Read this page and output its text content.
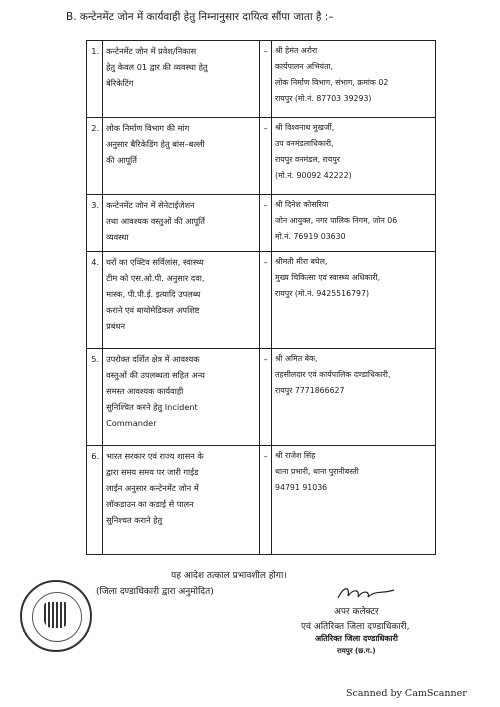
B. कन्टेनमेंट जोन में कार्यवाही हेतु निम्नानुसार दायित्व सौंपा जाता है :–
1.	कन्टेनमेंट जोन में प्रवेश/निकास
हेतु केवल 01 द्वार की व्यवस्था हेतु
बेरिकेटिंग	–	श्री हेमंत अरोरा
कार्यपालन अभियंता,
लोक निर्माण विभाग, संभाग, क्रमांक 02
रायपुर (मो.नं. 87703 39293)

2.	लोक निर्माण विभाग की मांग
अनुसार बैरिकेडिंग हेतु बांस–बल्ली
की आपूर्ति	–	श्री विश्वनाथ मुखर्जी,
उप वनमंडलाधिकारी,
रायपुर वनमंडल, रायपुर
(मो.नं. 90092 42222)

3.	कन्टेनमेंट जोन में सेनेटाईजेशन
तथा आवश्यक वस्तुओं की आपूर्ति
व्यवस्था	–	श्री दिनेश कोसरिया
जोन आयुक्त, नगर पालिक निगम, जोन 06
मो.नं. 76919 03630

4.	घरों का एक्टिव सर्विलांस, स्वास्थ्य
टीम को एस.ओ.पी. अनुसार दवा,
मास्क, पी.पी.ई. इत्यादि उपलब्ध
कराने एवं बायोमेडिकल अपशिष्ट
प्रबंधन	–	श्रीमती मीरा बघेल,
मुख्य चिकित्सा एवं स्वास्थ्य अधिकारी,
रायपुर (मो.नं. 9425516797)

5.	उपरोक्त दर्शित क्षेत्र में आवश्यक
वस्तुओं की उपलब्धता सहित अन्य
समस्त आवश्यक कार्यवाही
सुनिश्चित करने हेतु Incident
Commander	–	श्री अमित बेक,
तहसीलदार एवं कार्यपालिक दण्डाधिकारी,
रायपुर 7771866627

6.	भारत सरकार एवं राज्य शासन के
द्वारा समय समय पर जारी गाईड
लाईन अनुसार कन्टेनमेंट जोन में
लॉकडाउन का कडाई से पालन
सुनिश्चत कराने हेतु	–	श्री राजेश सिंह
थाना प्रभारी, थाना पुरानीबस्ती
94791 91036
यह आदेश तत्काल प्रभावशील होगा।
(जिला दण्डाधिकारी द्वारा अनुमोदित)
अपर कलेक्टर
एवं अतिरिक्त जिला दण्डाधिकारी,
अतिरिक्त जिला दण्डाधिकारी
रायपुर (छ.ग.)
Scanned by CamScanner
